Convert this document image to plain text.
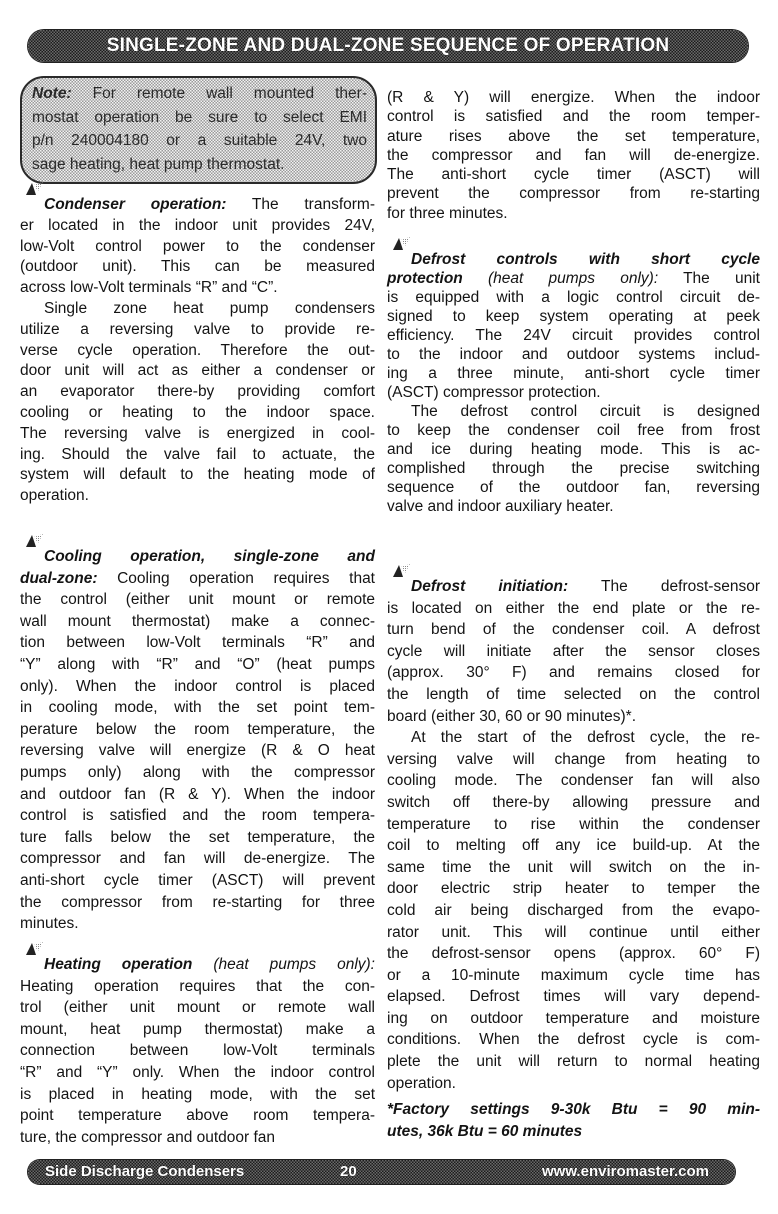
SINGLE-ZONE AND DUAL-ZONE SEQUENCE OF OPERATION
Note: For remote wall mounted ther-
mostat operation be sure to select EMI
p/n 240004180 or a suitable 24V, two
sage heating, heat pump thermostat.
Condenser operation: The transform-
er located in the indoor unit provides 24V,
low-Volt control power to the condenser
(outdoor unit). This can be measured
across low-Volt terminals “R” and “C”.
Single zone heat pump condensers
utilize a reversing valve to provide re-
verse cycle operation. Therefore the out-
door unit will act as either a condenser or
an evaporator there-by providing comfort
cooling or heating to the indoor space.
The reversing valve is energized in cool-
ing. Should the valve fail to actuate, the
system will default to the heating mode of
operation.
Cooling operation, single-zone and
dual-zone: Cooling operation requires that
the control (either unit mount or remote
wall mount thermostat) make a connec-
tion between low-Volt terminals “R” and
“Y” along with “R” and “O” (heat pumps
only). When the indoor control is placed
in cooling mode, with the set point tem-
perature below the room temperature, the
reversing valve will energize (R & O heat
pumps only) along with the compressor
and outdoor fan (R & Y). When the indoor
control is satisfied and the room tempera-
ture falls below the set temperature, the
compressor and fan will de-energize. The
anti-short cycle timer (ASCT) will prevent
the compressor from re-starting for three
minutes.
Heating operation (heat pumps only):
Heating operation requires that the con-
trol (either unit mount or remote wall
mount, heat pump thermostat) make a
connection between low-Volt terminals
“R” and “Y” only. When the indoor control
is placed in heating mode, with the set
point temperature above room tempera-
ture, the compressor and outdoor fan
(R & Y) will energize. When the indoor
control is satisfied and the room temper-
ature rises above the set temperature,
the compressor and fan will de-energize.
The anti-short cycle timer (ASCT) will
prevent the compressor from re-starting
for three minutes.
Defrost controls with short cycle
protection (heat pumps only): The unit
is equipped with a logic control circuit de-
signed to keep system operating at peek
efficiency. The 24V circuit provides control
to the indoor and outdoor systems includ-
ing a three minute, anti-short cycle timer
(ASCT) compressor protection.
The defrost control circuit is designed
to keep the condenser coil free from frost
and ice during heating mode. This is ac-
complished through the precise switching
sequence of the outdoor fan, reversing
valve and indoor auxiliary heater.
Defrost initiation: The defrost-sensor
is located on either the end plate or the re-
turn bend of the condenser coil. A defrost
cycle will initiate after the sensor closes
(approx. 30° F) and remains closed for
the length of time selected on the control
board (either 30, 60 or 90 minutes)*.
At the start of the defrost cycle, the re-
versing valve will change from heating to
cooling mode. The condenser fan will also
switch off there-by allowing pressure and
temperature to rise within the condenser
coil to melting off any ice build-up. At the
same time the unit will switch on the in-
door electric strip heater to temper the
cold air being discharged from the evapo-
rator unit. This will continue until either
the defrost-sensor opens (approx. 60° F)
or a 10-minute maximum cycle time has
elapsed. Defrost times will vary depend-
ing on outdoor temperature and moisture
conditions. When the defrost cycle is com-
plete the unit will return to normal heating
operation.
*Factory settings 9-30k Btu = 90 min-
utes, 36k Btu = 60 minutes
Side Discharge Condensers	20	www.enviromaster.com
